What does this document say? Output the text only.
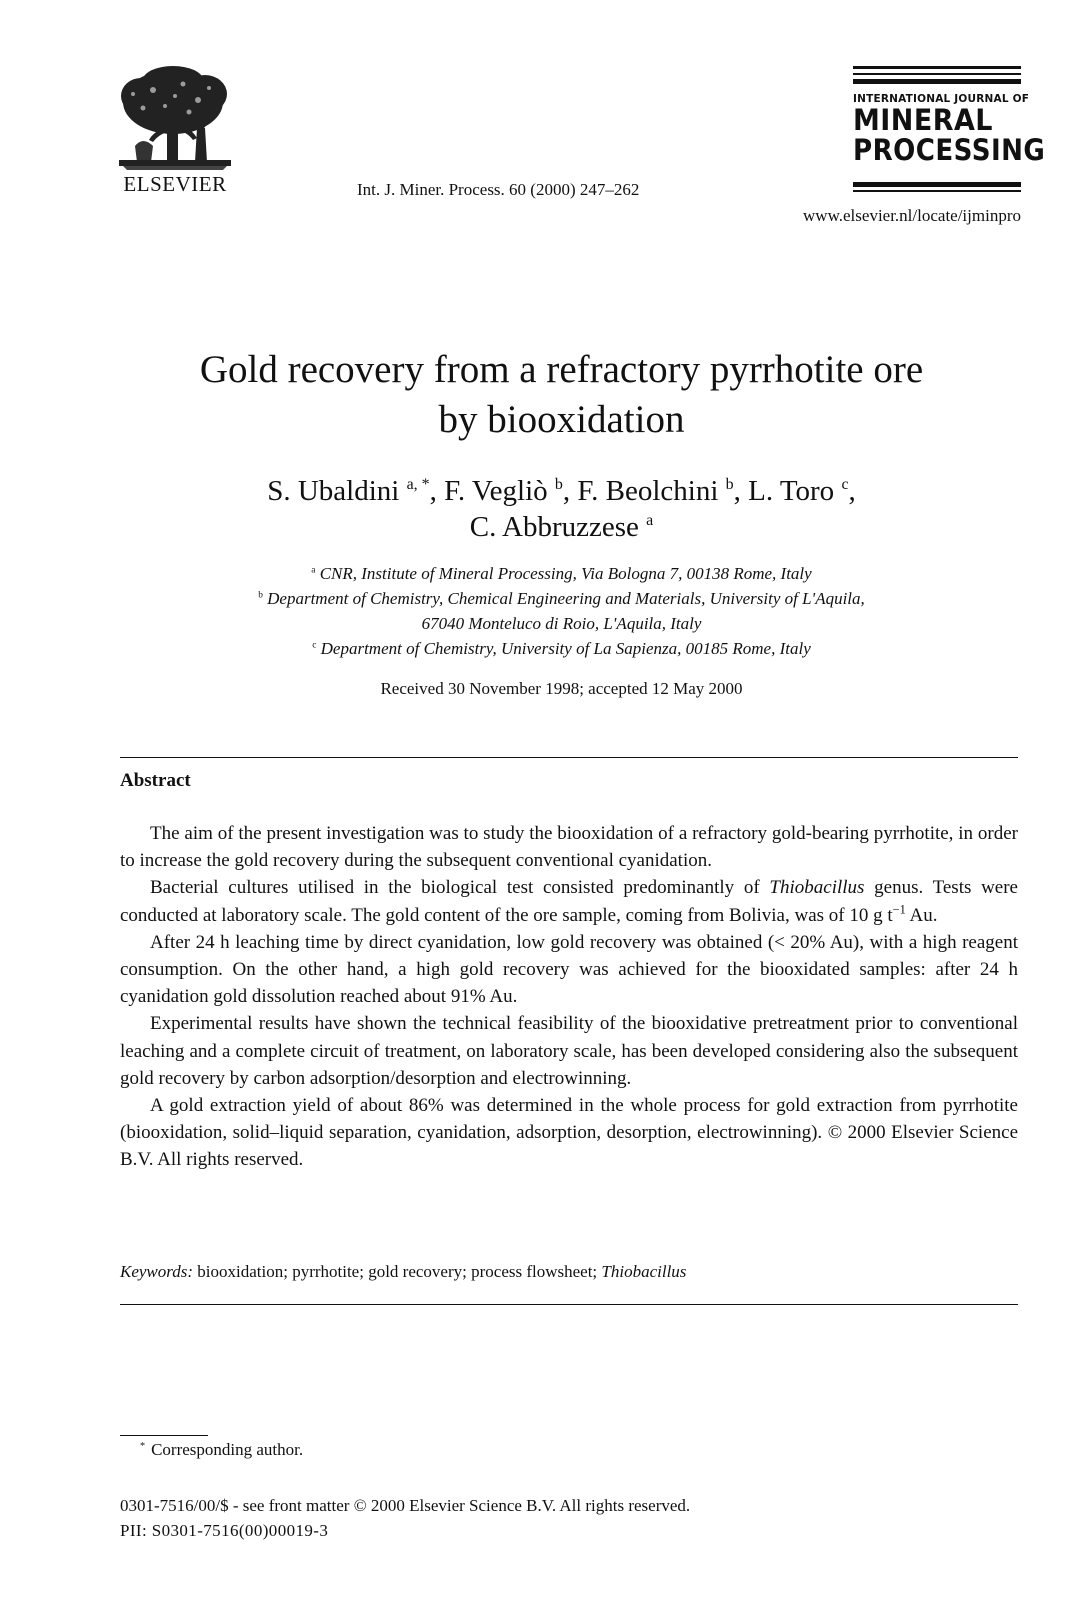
ELSEVIER	Int. J. Miner. Process. 60 (2000) 247–262
INTERNATIONAL JOURNAL OF
MINERAL
PROCESSING
www.elsevier.nl/locate/ijminpro
Gold recovery from a refractory pyrrhotite ore
by biooxidation
S. Ubaldini $^{a, *}$, F. Vegliò $^b$, F. Beolchini $^b$, L. Toro $^c$,
C. Abbruzzese $^a$
$^a$ CNR, Institute of Mineral Processing, Via Bologna 7, 00138 Rome, Italy
$^b$ Department of Chemistry, Chemical Engineering and Materials, University of L'Aquila,
67040 Monteluco di Roio, L'Aquila, Italy
$^c$ Department of Chemistry, University of La Sapienza, 00185 Rome, Italy
Received 30 November 1998; accepted 12 May 2000
Abstract

The aim of the present investigation was to study the biooxidation of a refractory gold-bearing pyrrhotite, in order to increase the gold recovery during the subsequent conventional cyanidation.

Bacterial cultures utilised in the biological test consisted predominantly of Thiobacillus genus. Tests were conducted at laboratory scale. The gold content of the ore sample, coming from Bolivia, was of 10 g $t^{-1}$ Au.

After 24 h leaching time by direct cyanidation, low gold recovery was obtained (< 20% Au), with a high reagent consumption. On the other hand, a high gold recovery was achieved for the biooxidated samples: after 24 h cyanidation gold dissolution reached about 91% Au.

Experimental results have shown the technical feasibility of the biooxidative pretreatment prior to conventional leaching and a complete circuit of treatment, on laboratory scale, has been developed considering also the subsequent gold recovery by carbon adsorption/desorption and electrowinning.

A gold extraction yield of about 86% was determined in the whole process for gold extraction from pyrrhotite (biooxidation, solid–liquid separation, cyanidation, adsorption, desorption, electrowinning). © 2000 Elsevier Science B.V. All rights reserved.

Keywords: biooxidation; pyrrhotite; gold recovery; process flowsheet; Thiobacillus
* Corresponding author.
0301-7516/00/$ - see front matter © 2000 Elsevier Science B.V. All rights reserved.
PII: S0301-7516(00)00019-3
